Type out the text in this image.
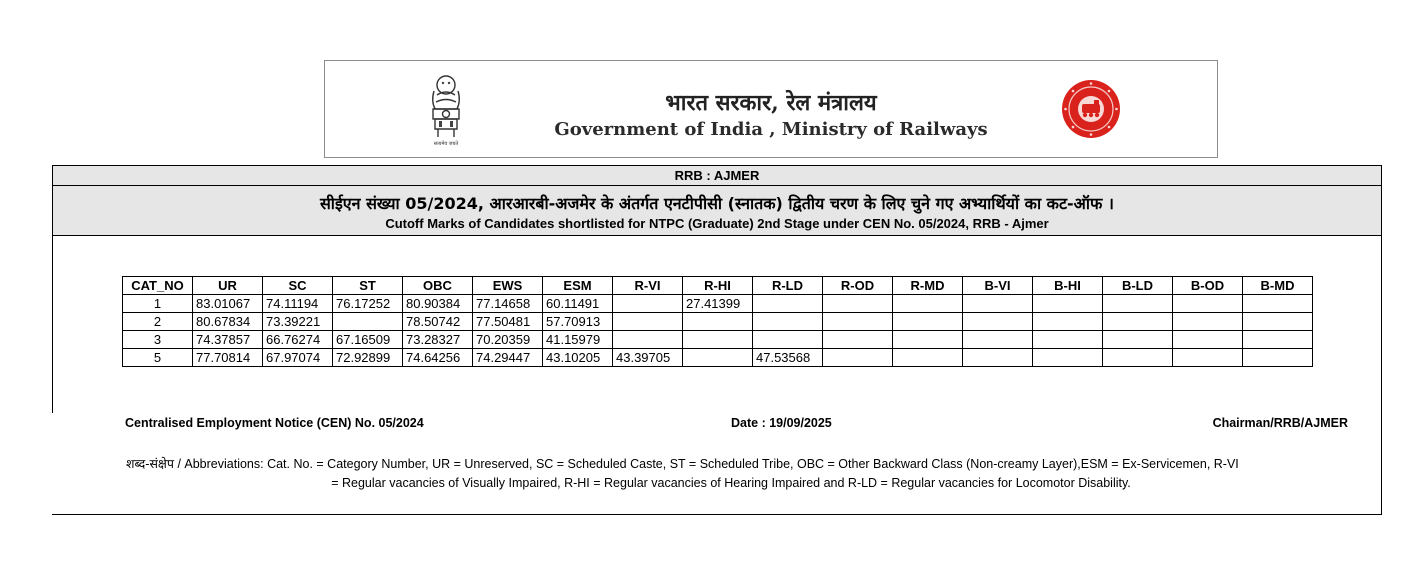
सत्यमेव जयते
भारत सरकार, रेल मंत्रालय
Government of India , Ministry of Railways
RRB : AJMER
सीईएन संख्या 05/2024, आरआरबी-अजमेर के अंतर्गत एनटीपीसी (स्नातक) द्वितीय चरण के लिए चुने गए अभ्यार्थियों का कट-ऑफ ।
Cutoff Marks of Candidates shortlisted for NTPC (Graduate) 2nd Stage under CEN No. 05/2024, RRB - Ajmer
CAT_NO	UR	SC	ST	OBC	EWS	ESM	R-VI	R-HI	R-LD	R-OD	R-MD	B-VI	B-HI	B-LD	B-OD	B-MD
1	83.01067	74.11194	76.17252	80.90384	77.14658	60.11491		27.41399								
2	80.67834	73.39221		78.50742	77.50481	57.70913										
3	74.37857	66.76274	67.16509	73.28327	70.20359	41.15979										
5	77.70814	67.97074	72.92899	74.64256	74.29447	43.10205	43.39705		47.53568							
Centralised Employment Notice (CEN) No. 05/2024	Date : 19/09/2025	Chairman/RRB/AJMER
शब्द-संक्षेप / Abbreviations: Cat. No. = Category Number, UR = Unreserved, SC = Scheduled Caste, ST = Scheduled Tribe, OBC = Other Backward Class (Non-creamy Layer),ESM = Ex-Servicemen, R-VI
= Regular vacancies of Visually Impaired, R-HI = Regular vacancies of Hearing Impaired and R-LD = Regular vacancies for Locomotor Disability.
